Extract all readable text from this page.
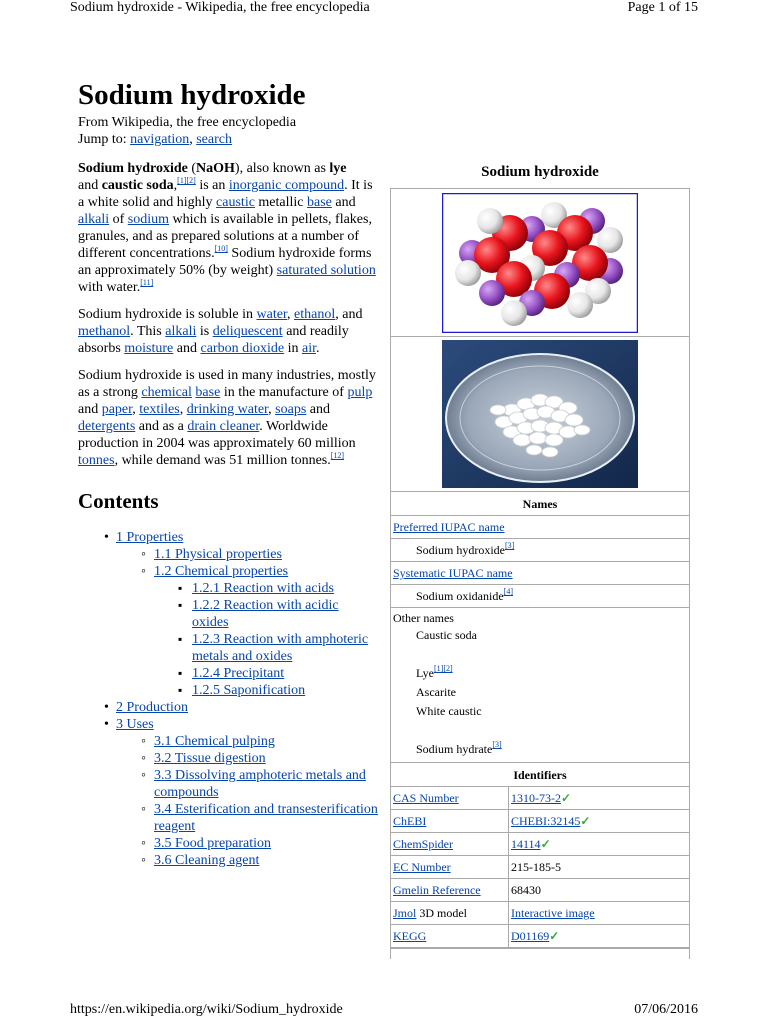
Sodium hydroxide - Wikipedia, the free encyclopedia	Page 1 of 15
Sodium hydroxide
From Wikipedia, the free encyclopedia
Jump to: navigation, search

Sodium hydroxide (NaOH), also known as lye
and caustic soda,[1][2] is an inorganic compound. It is a white solid and highly caustic metallic base and alkali of sodium which is available in pellets, flakes, granules, and as prepared solutions at a number of different concentrations.[10] Sodium hydroxide forms an approximately 50% (by weight) saturated solution with water.[11]

Sodium hydroxide is soluble in water, ethanol, and methanol. This alkali is deliquescent and readily absorbs moisture and carbon dioxide in air.

Sodium hydroxide is used in many industries, mostly as a strong chemical base in the manufacture of pulp and paper, textiles, drinking water, soaps and detergents and as a drain cleaner. Worldwide production in 2004 was approximately 60 million tonnes, while demand was 51 million tonnes.[12]

Contents
• 1 Properties
◦ 1.1 Physical properties
◦ 1.2 Chemical properties
▪ 1.2.1 Reaction with acids
▪ 1.2.2 Reaction with acidic oxides
▪ 1.2.3 Reaction with amphoteric metals and oxides
▪ 1.2.4 Precipitant
▪ 1.2.5 Saponification
• 2 Production
• 3 Uses
◦ 3.1 Chemical pulping
◦ 3.2 Tissue digestion
◦ 3.3 Dissolving amphoteric metals and compounds
◦ 3.4 Esterification and transesterification reagent
◦ 3.5 Food preparation
◦ 3.6 Cleaning agent
Sodium hydroxide
Names
Preferred IUPAC name
Sodium hydroxide[3]
Systematic IUPAC name
Sodium oxidanide[4]
Other names
Caustic soda
Lye[1][2]
Ascarite
White caustic
Sodium hydrate[3]
Identifiers
CAS Number	1310-73-2✓
ChEBI	CHEBI:32145✓
ChemSpider	14114✓
EC Number	215-185-5
Gmelin Reference	68430
Jmol 3D model	Interactive image
KEGG	D01169✓
https://en.wikipedia.org/wiki/Sodium_hydroxide	07/06/2016
